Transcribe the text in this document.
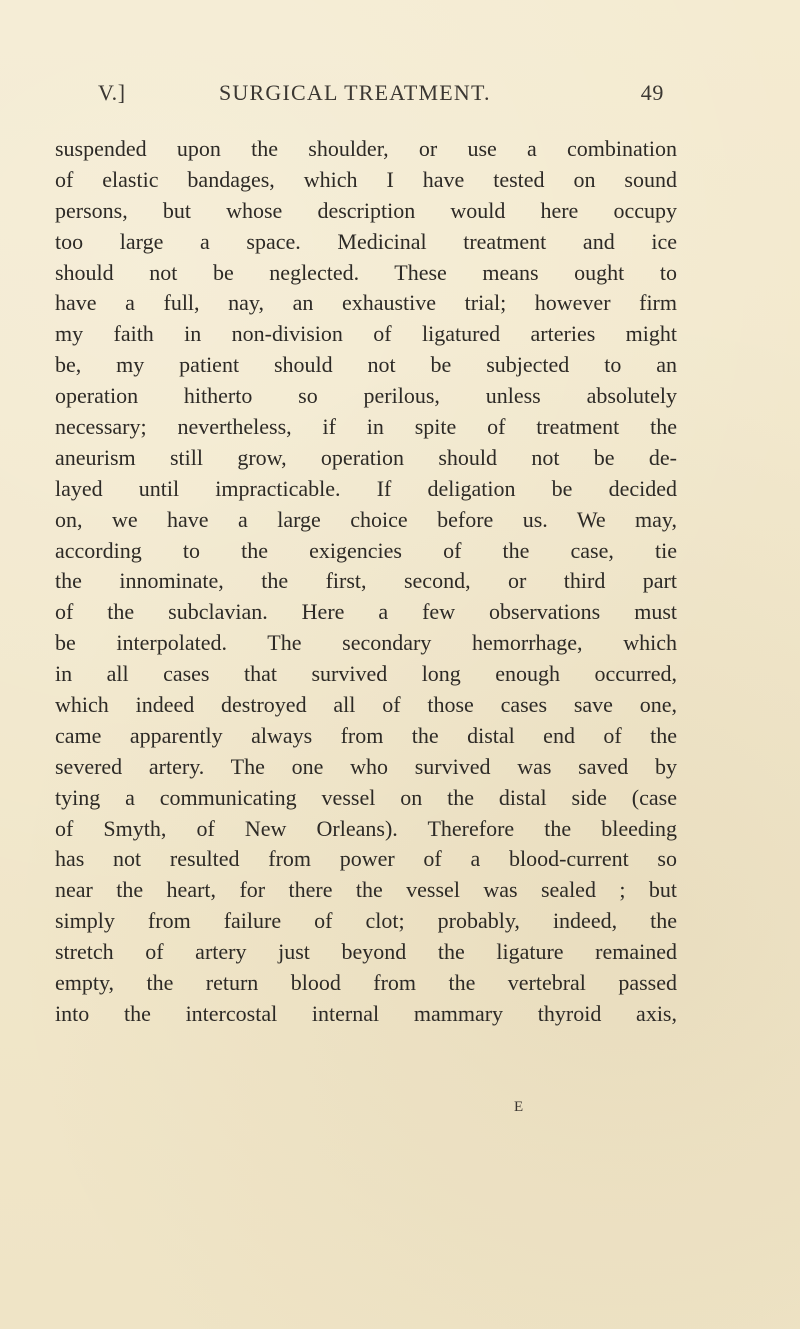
V.]	SURGICAL TREATMENT.	49
suspended upon the shoulder, or use a combination
of elastic bandages, which I have tested on sound
persons, but whose description would here occupy
too large a space. Medicinal treatment and ice
should not be neglected. These means ought to
have a full, nay, an exhaustive trial; however firm
my faith in non-division of ligatured arteries might
be, my patient should not be subjected to an
operation hitherto so perilous, unless absolutely
necessary; nevertheless, if in spite of treatment the
aneurism still grow, operation should not be de-
layed until impracticable. If deligation be decided
on, we have a large choice before us. We may,
according to the exigencies of the case, tie
the innominate, the first, second, or third part
of the subclavian. Here a few observations must
be interpolated. The secondary hemorrhage, which
in all cases that survived long enough occurred,
which indeed destroyed all of those cases save one,
came apparently always from the distal end of the
severed artery. The one who survived was saved by
tying a communicating vessel on the distal side (case
of Smyth, of New Orleans). Therefore the bleeding
has not resulted from power of a blood-current so
near the heart, for there the vessel was sealed ; but
simply from failure of clot; probably, indeed, the
stretch of artery just beyond the ligature remained
empty, the return blood from the vertebral passed
into the intercostal internal mammary thyroid axis,
E
